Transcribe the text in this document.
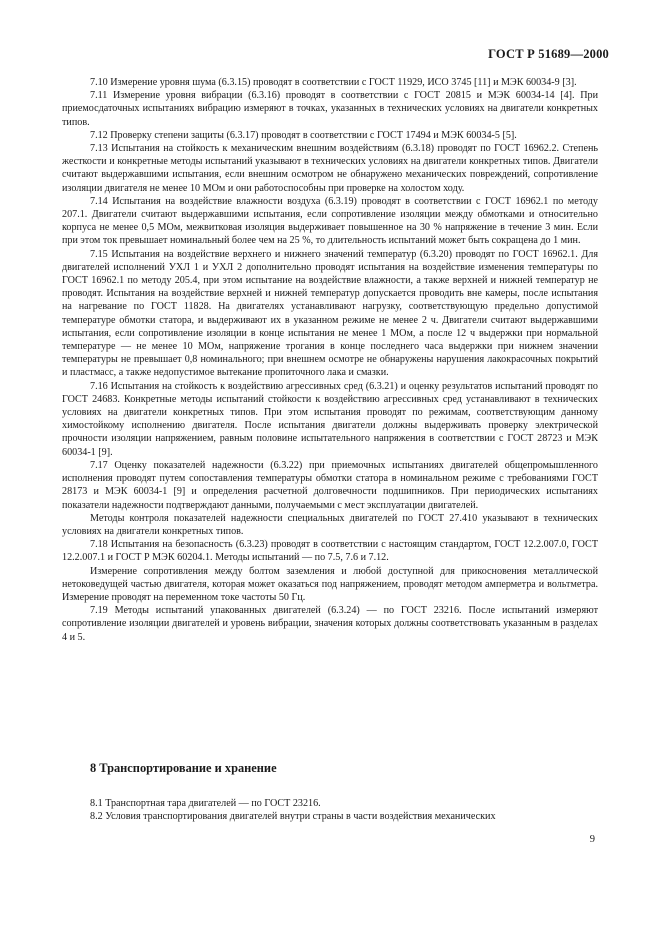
ГОСТ Р 51689—2000

7.10 Измерение уровня шума (6.3.15) проводят в соответствии с ГОСТ 11929, ИСО 3745 [11] и МЭК 60034-9 [3].

7.11 Измерение уровня вибрации (6.3.16) проводят в соответствии с ГОСТ 20815 и МЭК 60034-14 [4]. При приемосдаточных испытаниях вибрацию измеряют в точках, указанных в технических условиях на двигатели конкретных типов.

7.12 Проверку степени защиты (6.3.17) проводят в соответствии с ГОСТ 17494 и МЭК 60034-5 [5].

7.13 Испытания на стойкость к механическим внешним воздействиям (6.3.18) проводят по ГОСТ 16962.2. Степень жесткости и конкретные методы испытаний указывают в технических условиях на двигатели конкретных типов. Двигатели считают выдержавшими испытания, если внешним осмотром не обнаружено механических повреждений, сопротивление изоляции двигателя не менее 10 МОм и они работоспособны при проверке на холостом ходу.

7.14 Испытания на воздействие влажности воздуха (6.3.19) проводят в соответствии с ГОСТ 16962.1 по методу 207.1. Двигатели считают выдержавшими испытания, если сопротивление изоляции между обмотками и относительно корпуса не менее 0,5 МОм, межвитковая изоляция выдерживает повышенное на 30 % напряжение в течение 3 мин. Если при этом ток превышает номинальный более чем на 25 %, то длительность испытаний может быть сокращена до 1 мин.

7.15 Испытания на воздействие верхнего и нижнего значений температур (6.3.20) проводят по ГОСТ 16962.1. Для двигателей исполнений УХЛ 1 и УХЛ 2 дополнительно проводят испытания на воздействие изменения температуры по ГОСТ 16962.1 по методу 205.4, при этом испытание на воздействие влажности, а также верхней и нижней температур не проводят. Испытания на воздействие верхней и нижней температур допускается проводить вне камеры, после испытания на нагревание по ГОСТ 11828. На двигателях устанавливают нагрузку, соответствующую предельно допустимой температуре обмотки статора, и выдерживают их в указанном режиме не менее 2 ч. Двигатели считают выдержавшими испытания, если сопротивление изоляции в конце испытания не менее 1 МОм, а после 12 ч выдержки при нормальной температуре — не менее 10 МОм, напряжение трогания в конце последнего часа выдержки при нижнем значении температуры не превышает 0,8 номинального; при внешнем осмотре не обнаружены нарушения лакокрасочных покрытий и пластмасс, а также недопустимое вытекание пропиточного лака и смазки.

7.16 Испытания на стойкость к воздействию агрессивных сред (6.3.21) и оценку результатов испытаний проводят по ГОСТ 24683. Конкретные методы испытаний стойкости к воздействию агрессивных сред устанавливают в технических условиях на двигатели конкретных типов. При этом испытания проводят по режимам, соответствующим данному химостойкому исполнению двигателя. После испытания двигатели должны выдерживать проверку электрической прочности изоляции напряжением, равным половине испытательного напряжения в соответствии с ГОСТ 28723 и МЭК 60034-1 [9].

7.17 Оценку показателей надежности (6.3.22) при приемочных испытаниях двигателей общепромышленного исполнения проводят путем сопоставления температуры обмотки статора в номинальном режиме с требованиями ГОСТ 28173 и МЭК 60034-1 [9] и определения расчетной долговечности подшипников. При периодических испытаниях показатели надежности подтверждают данными, получаемыми с мест эксплуатации двигателей.

Методы контроля показателей надежности специальных двигателей по ГОСТ 27.410 указывают в технических условиях на двигатели конкретных типов.

7.18 Испытания на безопасность (6.3.23) проводят в соответствии с настоящим стандартом, ГОСТ 12.2.007.0, ГОСТ 12.2.007.1 и ГОСТ Р МЭК 60204.1. Методы испытаний — по 7.5, 7.6 и 7.12.

Измерение сопротивления между болтом заземления и любой доступной для прикосновения металлической нетоковедущей частью двигателя, которая может оказаться под напряжением, проводят методом амперметра и вольтметра. Измерение проводят на переменном токе частоты 50 Гц.

7.19 Методы испытаний упакованных двигателей (6.3.24) — по ГОСТ 23216. После испытаний измеряют сопротивление изоляции двигателей и уровень вибрации, значения которых должны соответствовать указанным в разделах 4 и 5.

8 Транспортирование и хранение

8.1 Транспортная тара двигателей — по ГОСТ 23216.

8.2 Условия транспортирования двигателей внутри страны в части воздействия механических

9
